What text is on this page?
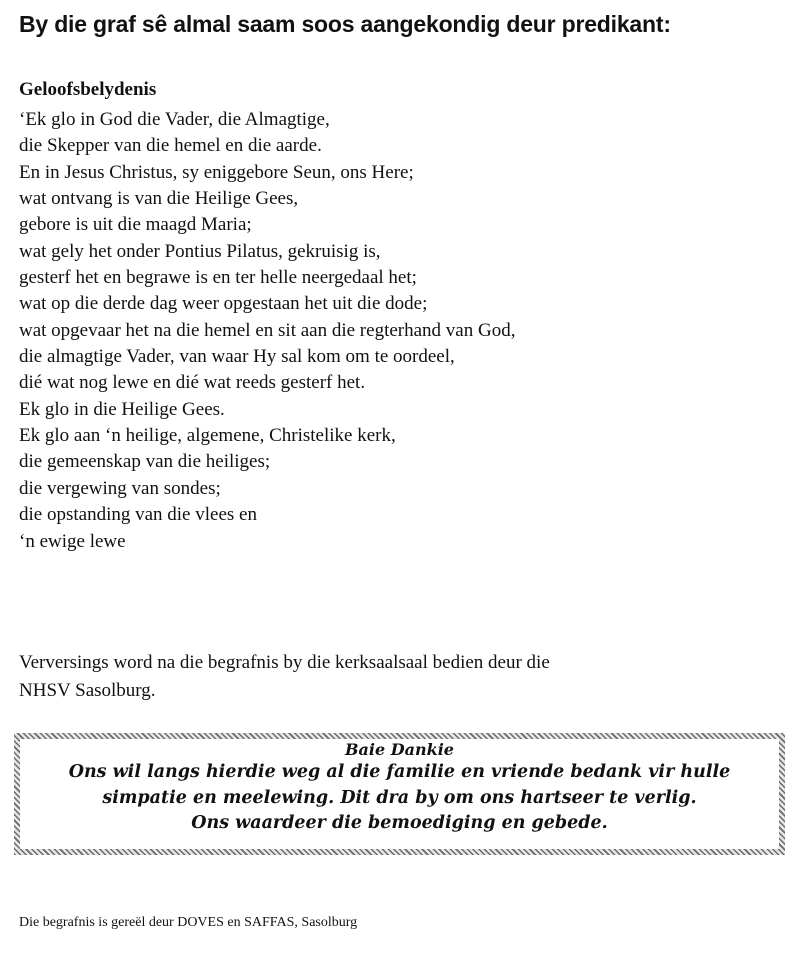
By die graf sê almal saam soos aangekondig deur predikant:
Geloofsbelydenis
‘Ek glo in God die Vader, die Almagtige,
die Skepper van die hemel en die aarde.
En in Jesus Christus, sy eniggebore Seun, ons Here;
wat ontvang is van die Heilige Gees,
gebore is uit die maagd Maria;
wat gely het onder Pontius Pilatus, gekruisig is,
gesterf het en begrawe is en ter helle neergedaal het;
wat op die derde dag weer opgestaan het uit die dode;
wat opgevaar het na die hemel en sit aan die regterhand van God,
die almagtige Vader, van waar Hy sal kom om te oordeel,
dié wat nog lewe en dié wat reeds gesterf het.
Ek glo in die Heilige Gees.
Ek glo aan ‘n heilige, algemene, Christelike kerk,
die gemeenskap van die heiliges;
die vergewing van sondes;
die opstanding van die vlees en
‘n ewige lewe
Verversings word na die begrafnis by die kerksaalsaal bedien deur die
NHSV Sasolburg.
Baie Dankie
Ons wil langs hierdie weg al die familie en vriende bedank vir hulle
simpatie en meelewing. Dit dra by om ons hartseer te verlig.
Ons waardeer die bemoediging en gebede.
Die begrafnis is gereël deur DOVES en SAFFAS, Sasolburg
